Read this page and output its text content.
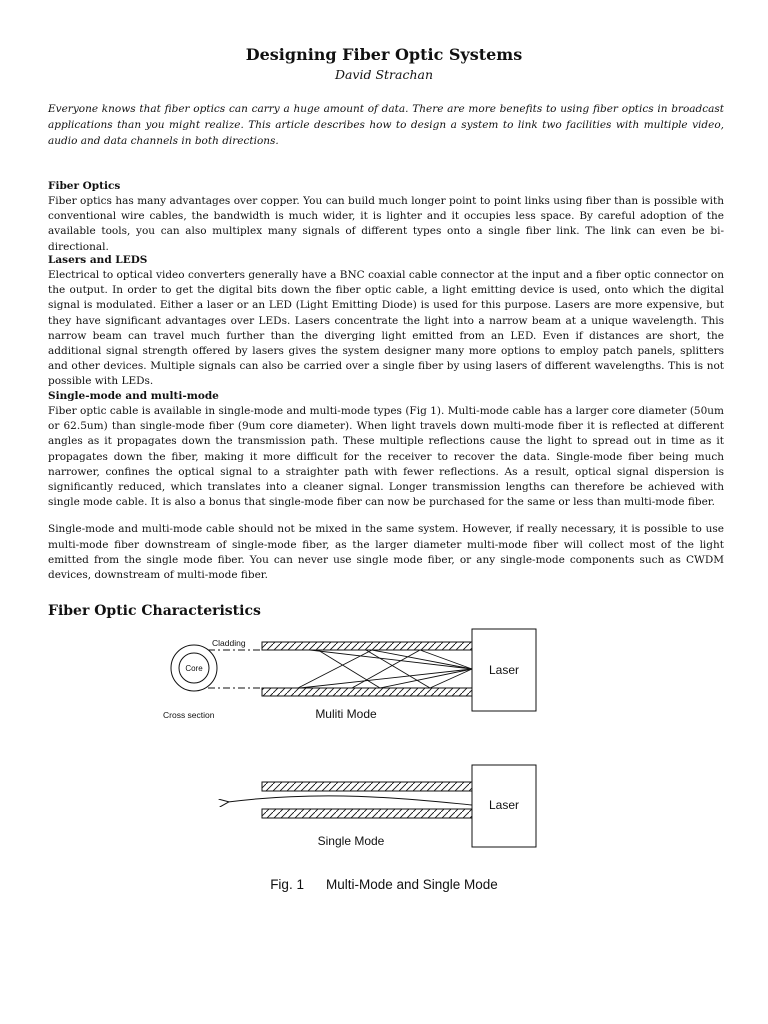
Designing Fiber Optic Systems
David Strachan

Everyone knows that fiber optics can carry a huge amount of data. There are more benefits to using fiber optics in broadcast applications than you might realize. This article describes how to design a system to link two facilities with multiple video, audio and data channels in both directions.

Fiber Optics

Fiber optics has many advantages over copper. You can build much longer point to point links using fiber than is possible with conventional wire cables, the bandwidth is much wider, it is lighter and it occupies less space. By careful adoption of the available tools, you can also multiplex many signals of different types onto a single fiber link. The link can even be bi-directional.

Lasers and LEDS

Electrical to optical video converters generally have a BNC coaxial cable connector at the input and a fiber optic connector on the output. In order to get the digital bits down the fiber optic cable, a light emitting device is used, onto which the digital signal is modulated. Either a laser or an LED (Light Emitting Diode) is used for this purpose. Lasers are more expensive, but they have significant advantages over LEDs. Lasers concentrate the light into a narrow beam at a unique wavelength. This narrow beam can travel much further than the diverging light emitted from an LED. Even if distances are short, the additional signal strength offered by lasers gives the system designer many more options to employ patch panels, splitters and other devices. Multiple signals can also be carried over a single fiber by using lasers of different wavelengths. This is not possible with LEDs.

Single-mode and multi-mode

Fiber optic cable is available in single-mode and multi-mode types (Fig 1). Multi-mode cable has a larger core diameter (50um or 62.5um) than single-mode fiber (9um core diameter). When light travels down multi-mode fiber it is reflected at different angles as it propagates down the transmission path. These multiple reflections cause the light to spread out in time as it propagates down the fiber, making it more difficult for the receiver to recover the data. Single-mode fiber being much narrower, confines the optical signal to a straighter path with fewer reflections. As a result, optical signal dispersion is significantly reduced, which translates into a cleaner signal. Longer transmission lengths can therefore be achieved with single mode cable. It is also a bonus that single-mode fiber can now be purchased for the same or less than multi-mode fiber.

Single-mode and multi-mode cable should not be mixed in the same system. However, if really necessary, it is possible to use multi-mode fiber downstream of single-mode fiber, as the larger diameter multi-mode fiber will collect most of the light emitted from the single mode fiber. You can never use single mode fiber, or any single-mode components such as CWDM devices, downstream of multi-mode fiber.

Fiber Optic Characteristics
Core
Cladding
Cross section
Laser
Muliti Mode
Laser
Single Mode
Fig. 1 Multi-Mode and Single Mode
